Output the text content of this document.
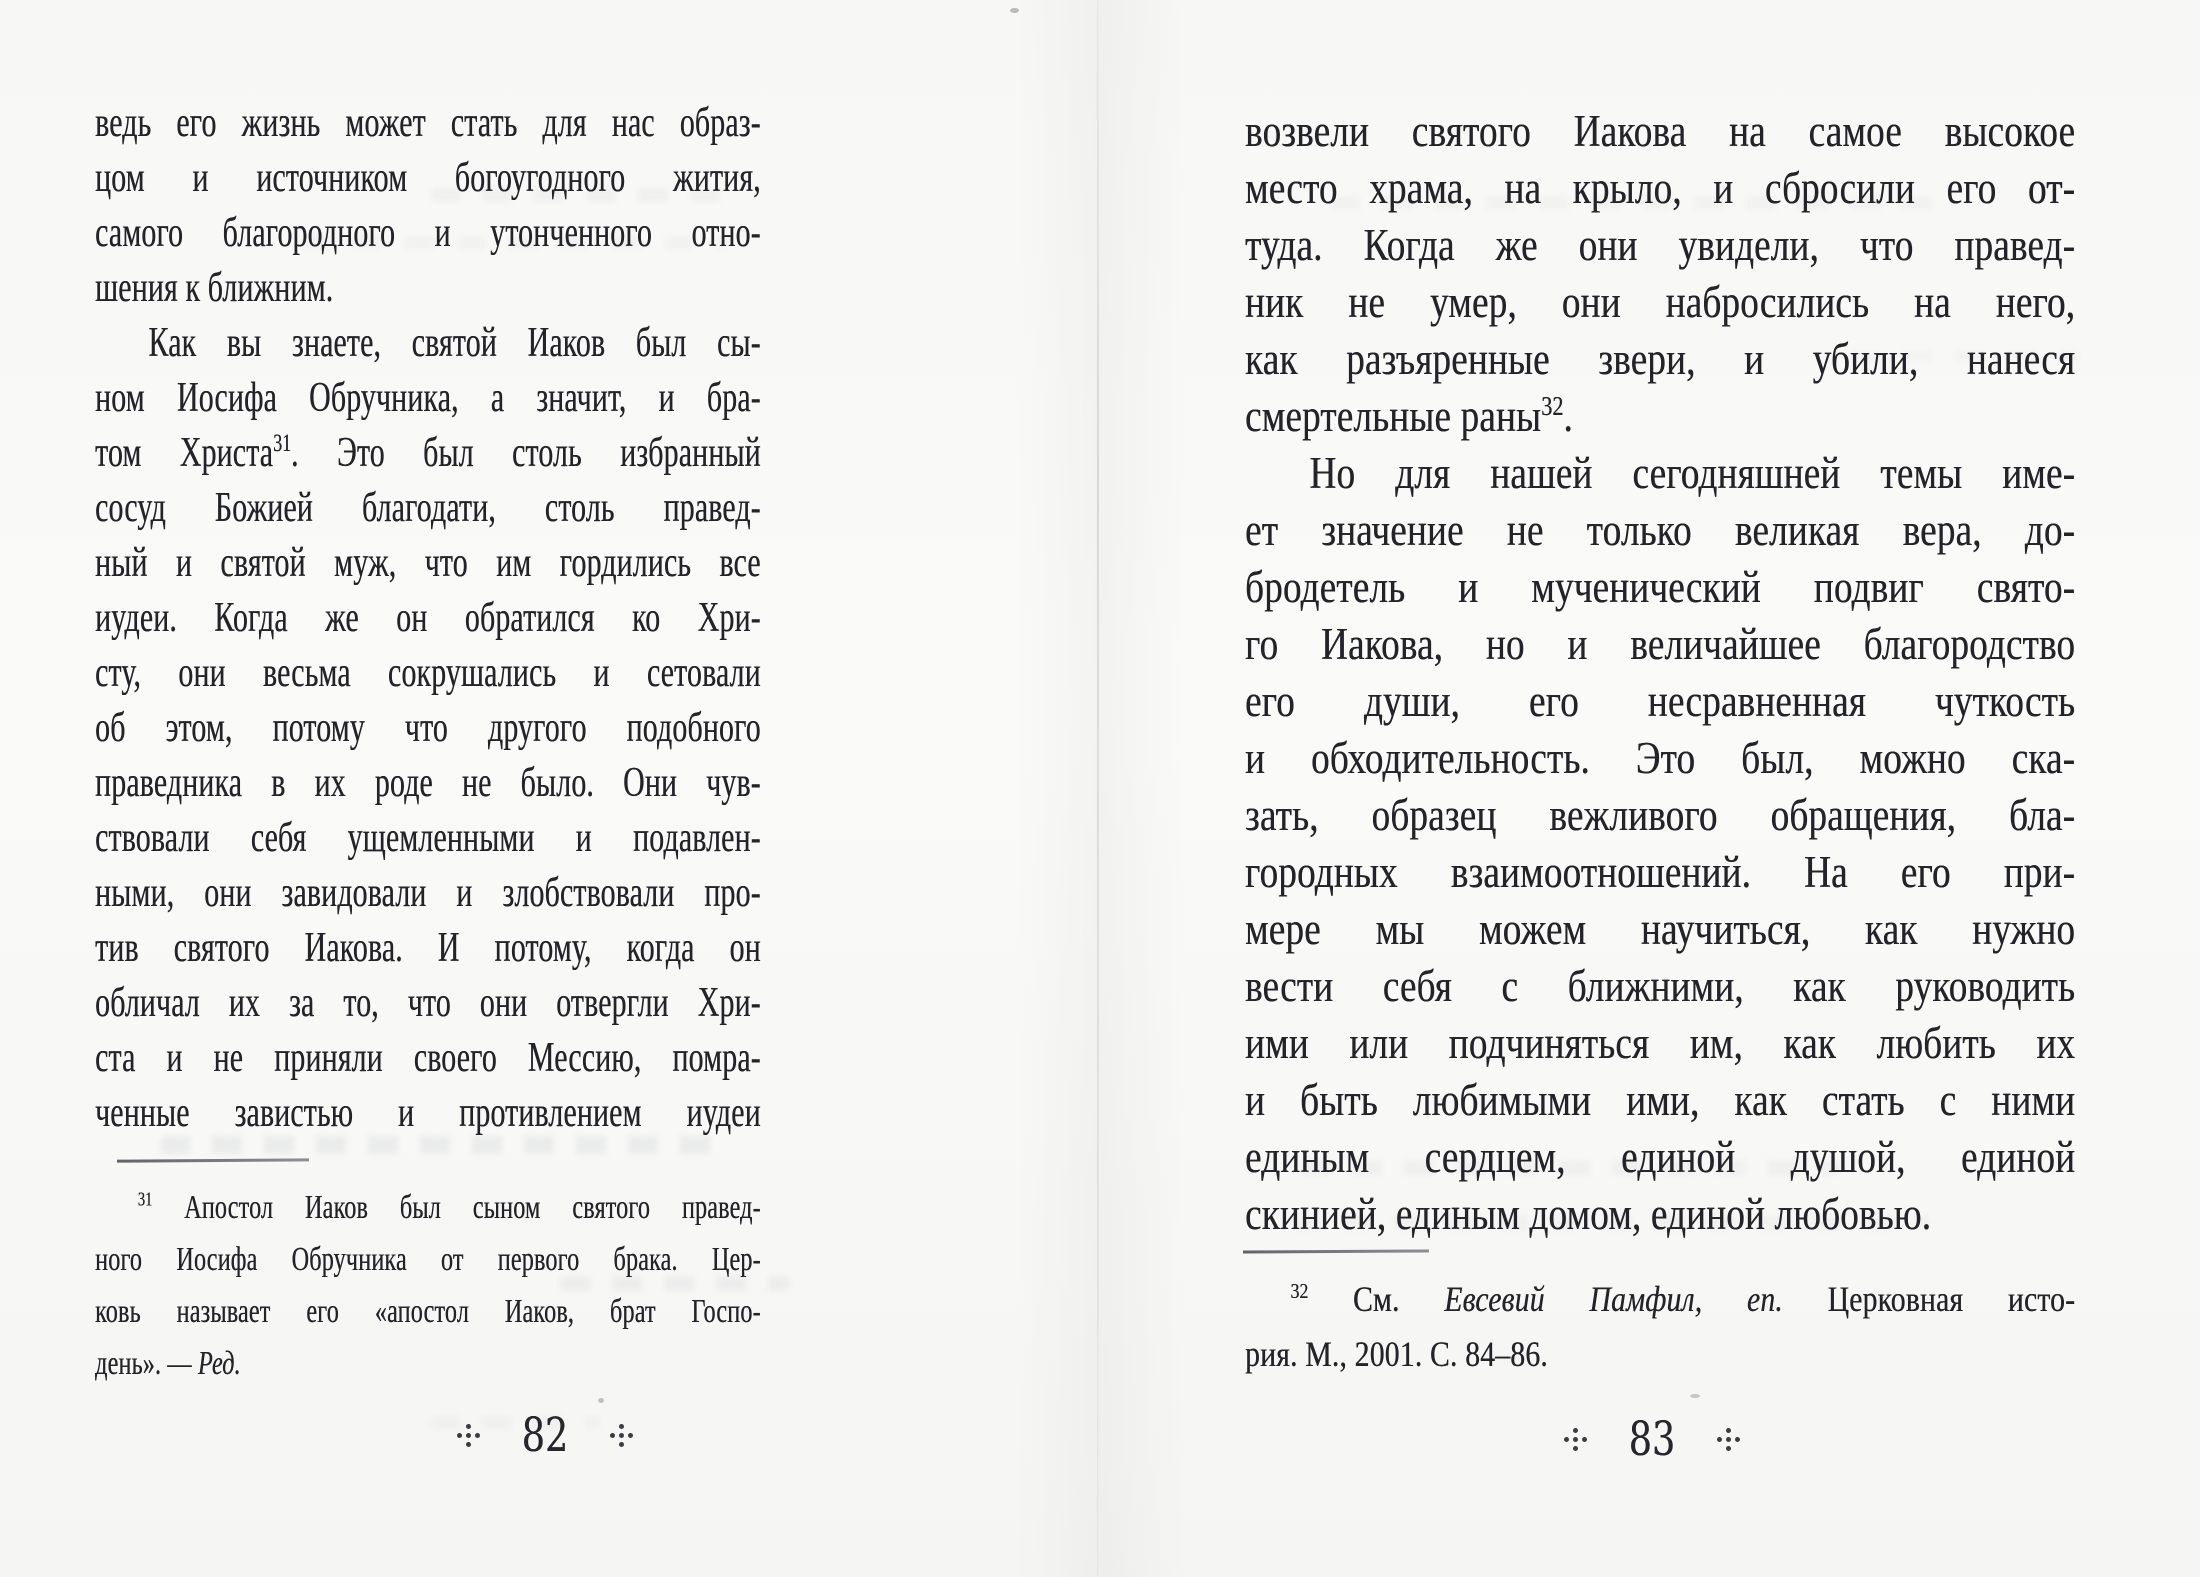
ведь его жизнь может стать для нас образ-
цом и источником богоугодного жития,
самого благородного и утонченного отно-
шения к ближним.
Как вы знаете, святой Иаков был сы-
ном Иосифа Обручника, а значит, и бра-
том Христа$^{31}$. Это был столь избранный
сосуд Божией благодати, столь правед-
ный и святой муж, что им гордились все
иудеи. Когда же он обратился ко Хри-
сту, они весьма сокрушались и сетовали
об этом, потому что другого подобного
праведника в их роде не было. Они чув-
ствовали себя ущемленными и подавлен-
ными, они завидовали и злобствовали про-
тив святого Иакова. И потому, когда он
обличал их за то, что они отвергли Хри-
ста и не приняли своего Мессию, помра-
ченные завистью и противлением иудеи
$^{31}$ Апостол Иаков был сыном святого правед-
ного Иосифа Обручника от первого брака. Цер-
ковь называет его «апостол Иаков, брат Госпо-
день». — Ред.
82
возвели святого Иакова на самое высокое
место храма, на крыло, и сбросили его от-
туда. Когда же они увидели, что правед-
ник не умер, они набросились на него,
как разъяренные звери, и убили, нанеся
смертельные раны$^{32}$.
Но для нашей сегодняшней темы име-
ет значение не только великая вера, до-
бродетель и мученический подвиг свято-
го Иакова, но и величайшее благородство
его души, его несравненная чуткость
и обходительность. Это был, можно ска-
зать, образец вежливого обращения, бла-
городных взаимоотношений. На его при-
мере мы можем научиться, как нужно
вести себя с ближними, как руководить
ими или подчиняться им, как любить их
и быть любимыми ими, как стать с ними
единым сердцем, единой душой, единой
скинией, единым домом, единой любовью.
$^{32}$ См. Евсевий Памфил, еп. Церковная исто-
рия. М., 2001. С. 84–86.
83
